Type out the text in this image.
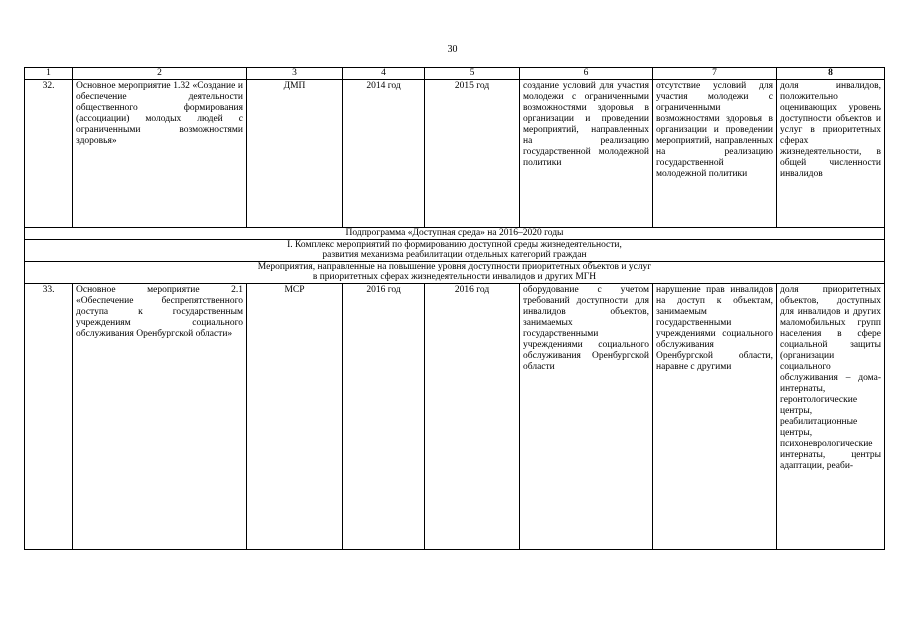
30
1	2	3	4	5	6	7	8
32.	Основное мероприятие 1.32 «Создание и обеспечение деятельности общественного формирования (ассоциации) молодых людей с ограниченными возможностями здоровья»	ДМП	2014 год	2015 год	создание условий для участия молодежи с ограниченными возможностями здоровья в организации и проведении мероприятий, направленных на реализацию государственной молодежной политики	отсутствие условий для участия молодежи с ограниченными возможностями здоровья в организации и проведении мероприятий, направленных на реализацию государственной молодежной политики	доля инвалидов, положительно оценивающих уровень доступности объектов и услуг в приоритетных сферах жизнедеятельности, в общей численности инвалидов
Подпрограмма «Доступная среда» на 2016–2020 годы							

I. Комплекс мероприятий по формированию доступной среды жизнедеятельности,
развития механизма реабилитации отдельных категорий граждан							

Мероприятия, направленные на повышение уровня доступности приоритетных объектов и услуг
в приоритетных сферах жизнедеятельности инвалидов и других МГН							

33.	Основное мероприятие 2.1 «Обеспечение беспрепятственного доступа к государственным учреждениям социального обслуживания Оренбургской области»	МСР	2016 год	2016 год	оборудование с учетом требований доступности для инвалидов объектов, занимаемых государственными учреждениями социального обслуживания Оренбургской области	нарушение прав инвалидов на доступ к объектам, занимаемым государственными учреждениями социального обслуживания Оренбургской области, наравне с другими	доля приоритетных объектов, доступных для инвалидов и других маломобильных групп населения в сфере социальной защиты (организации социального обслуживания – дома-интернаты, геронтологические центры, реабилитационные центры, психоневрологические интернаты, центры адаптации, реаби-
